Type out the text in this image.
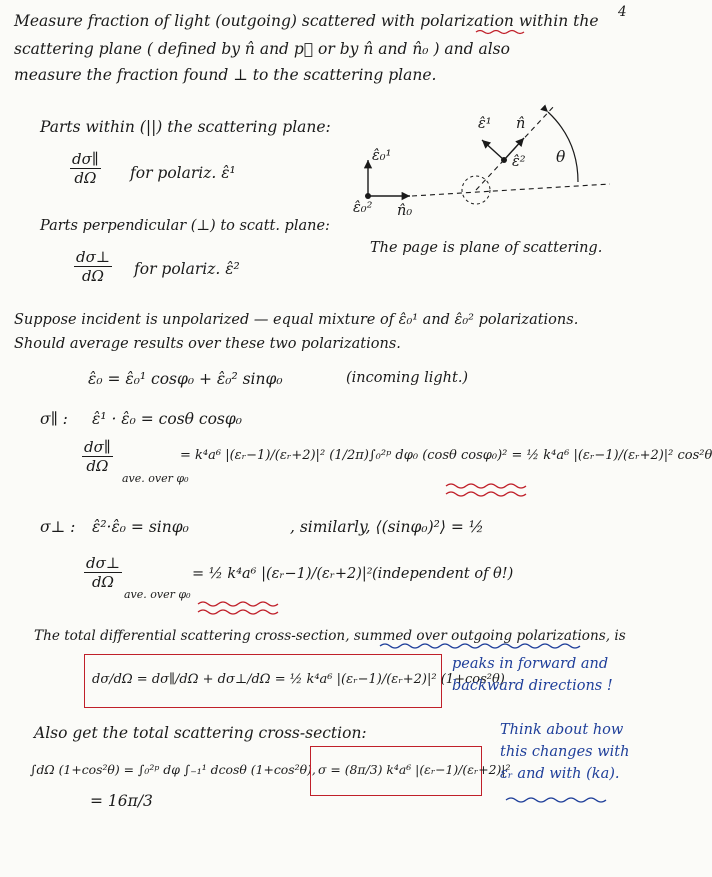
4
Measure fraction of light (outgoing) scattered with polarization within the
scattering plane ( defined by n̂ and p⃗ or by n̂ and n̂₀ ) and also
measure the fraction found ⊥ to the scattering plane.
Parts within (||) the scattering plane:
$\frac{d\sigma\parallel}{d\Omega}$ for polariz. ε̂¹
Parts perpendicular (⊥) to scatt. plane:
$\frac{d\sigma\perp}{d\Omega}$ for polariz. ε̂²
ε̂₀¹
ε̂₀² n̂₀
ε̂¹ n̂
ε̂² θ
The page is plane of scattering.
Suppose incident is unpolarized — equal mixture of ε̂₀¹ and ε̂₀² polarizations.
Should average results over these two polarizations.
ε̂₀ = ε̂₀¹ cosφ₀ + ε̂₀² sinφ₀	(incoming light.)
σ∥ : ε̂¹ · ε̂₀ = cosθ cosφ₀
$\frac{d\sigma\parallel}{d\Omega}$
ave. over φ₀
= k⁴a⁶ |(εᵣ−1)/(εᵣ+2)|² (1/2π)∫₀²ᵖ dφ₀ (cosθ cosφ₀)² = ½ k⁴a⁶ |(εᵣ−1)/(εᵣ+2)|² cos²θ
σ⊥ : ε̂²·ε̂₀ = sinφ₀	, similarly, ⟨(sinφ₀)²⟩ = ½
$\frac{d\sigma\perp}{d\Omega}$
ave. over φ₀
= ½ k⁴a⁶ |(εᵣ−1)/(εᵣ+2)|² (independent of θ!)
The total differential scattering cross-section, summed over outgoing polarizations, is
dσ/dΩ = dσ∥/dΩ + dσ⊥/dΩ = ½ k⁴a⁶ |(εᵣ−1)/(εᵣ+2)|² (1+cos²θ)
peaks in forward and
backward directions !
Also get the total scattering cross-section:
∫dΩ (1+cos²θ) = ∫₀²ᵖ dφ ∫₋₁¹ dcosθ (1+cos²θ),
= 16π/3
σ = (8π/3) k⁴a⁶ |(εᵣ−1)/(εᵣ+2)|²
Think about how
this changes with
εᵣ and with (ka).
